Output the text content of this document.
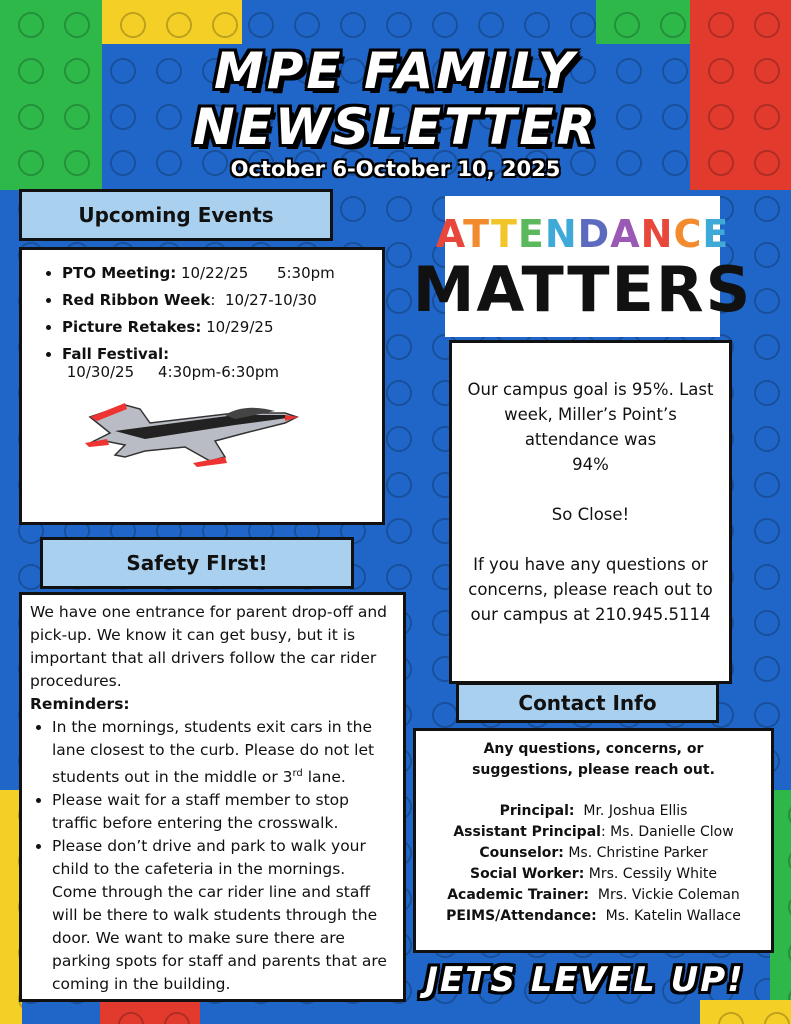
MPE FAMILY
NEWSLETTER
October 6-October 10, 2025
Upcoming Events
• PTO Meeting: 10/22/25      5:30pm
• Red Ribbon Week:  10/27-10/30
• Picture Retakes: 10/29/25
• Fall Festival: 10/30/25     4:30pm-6:30pm
Safety FIrst!
We have one entrance for parent drop-off and pick-up. We know it can get busy, but it is important that all drivers follow the car rider procedures.
Reminders:
• In the mornings, students exit cars in the lane closest to the curb. Please do not let students out in the middle or 3rd lane.
• Please wait for a staff member to stop traffic before entering the crosswalk.
• Please don’t drive and park to walk your child to the cafeteria in the mornings. Come through the car rider line and staff will be there to walk students through the door. We want to make sure there are parking spots for staff and parents that are coming in the building.
ATTENDANCE
MATTERS
Our campus goal is 95%. Last week, Miller’s Point’s attendance was
94%
So Close!
If you have any questions or concerns, please reach out to our campus at 210.945.5114
Contact Info
Any questions, concerns, or suggestions, please reach out.
Principal:  Mr. Joshua Ellis
Assistant Principal: Ms. Danielle Clow
Counselor: Ms. Christine Parker
Social Worker: Mrs. Cessily White
Academic Trainer:  Mrs. Vickie Coleman
PEIMS/Attendance:  Ms. Katelin Wallace
JETS LEVEL UP!
